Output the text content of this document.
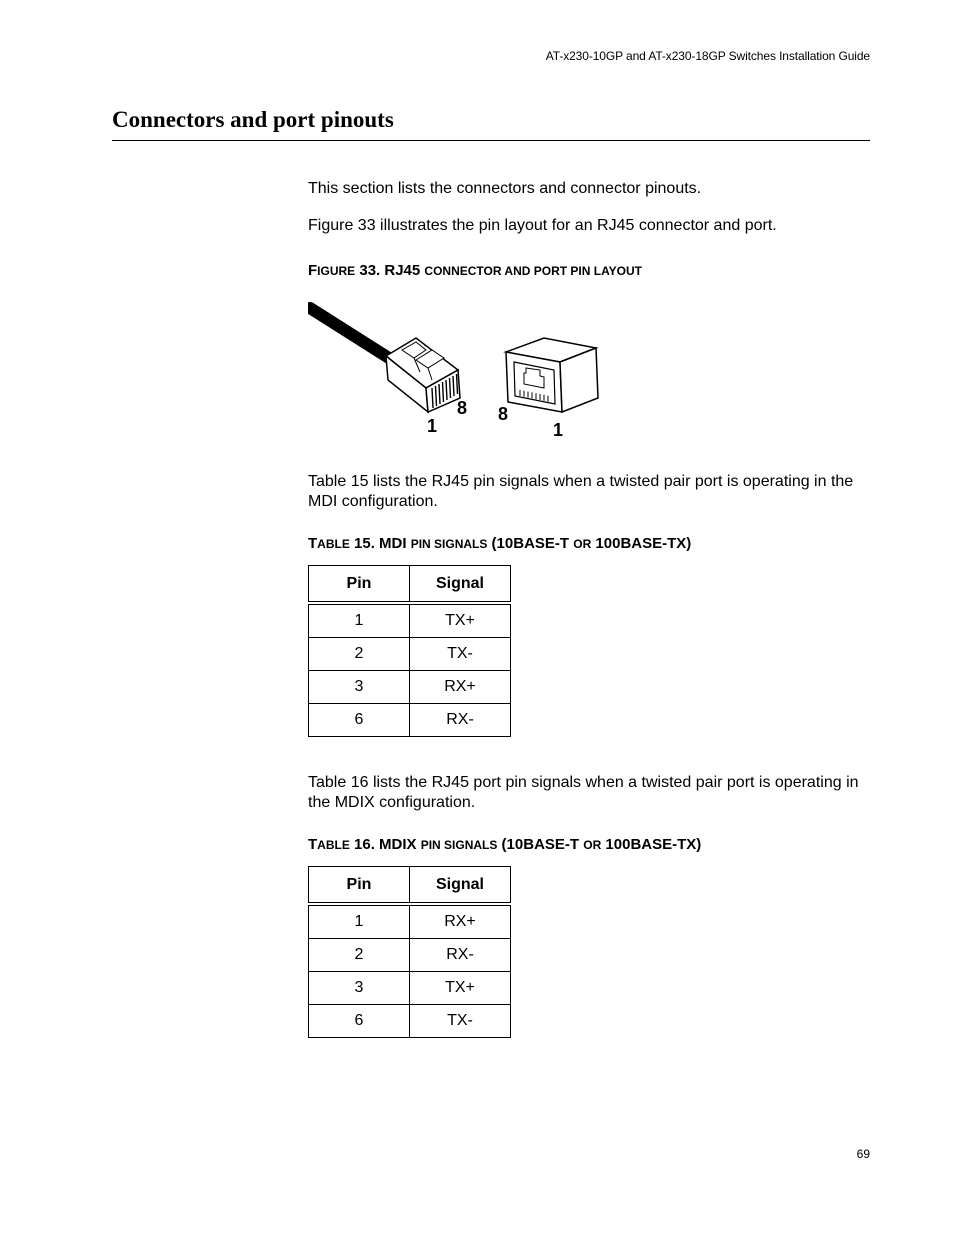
AT-x230-10GP and AT-x230-18GP Switches Installation Guide
Connectors and port pinouts
This section lists the connectors and connector pinouts.
Figure 33 illustrates the pin layout for an RJ45 connector and port.
FIGURE 33. RJ45 CONNECTOR AND PORT PIN LAYOUT
1
8 8
1
Table 15 lists the RJ45 pin signals when a twisted pair port is operating in the MDI configuration.
TABLE 15. MDI PIN SIGNALS (10BASE-T OR 100BASE-TX)
Pin	Signal
1	TX+
2	TX-
3	RX+
6	RX-
Table 16 lists the RJ45 port pin signals when a twisted pair port is operating in the MDIX configuration.
TABLE 16. MDIX PIN SIGNALS (10BASE-T OR 100BASE-TX)
Pin	Signal
1	RX+
2	RX-
3	TX+
6	TX-
69
